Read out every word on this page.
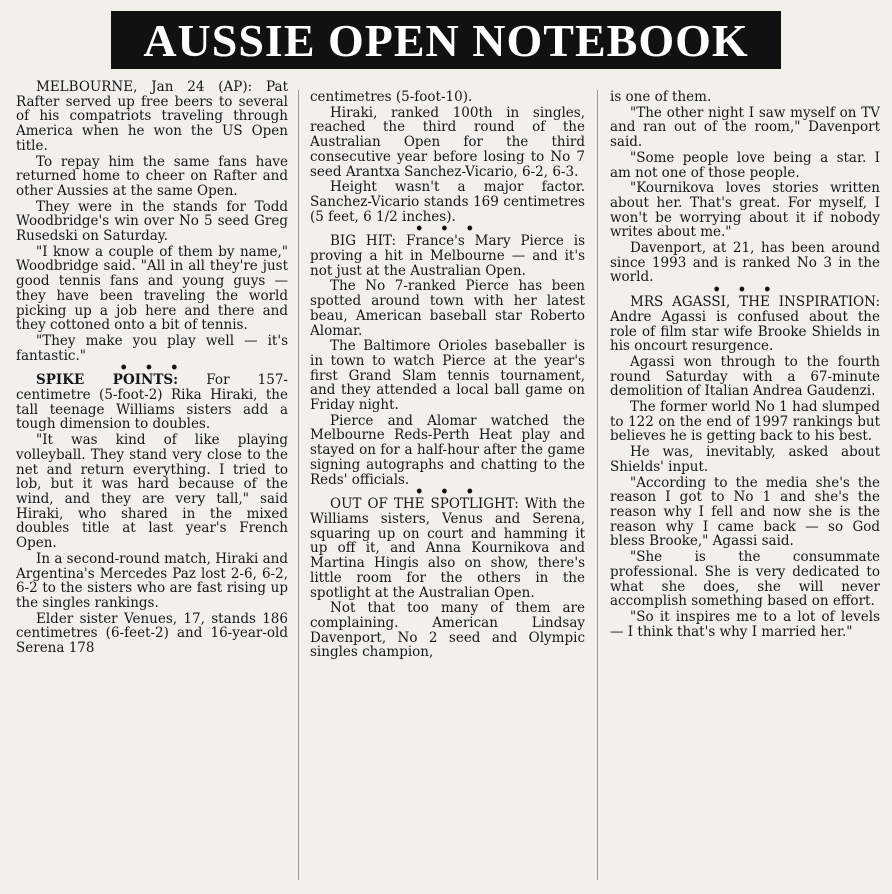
AUSSIE OPEN NOTEBOOK

MELBOURNE, Jan 24 (AP): Pat Rafter served up free beers to several of his compatriots traveling through America when he won the US Open title.

To repay him the same fans have returned home to cheer on Rafter and other Aussies at the same Open.

They were in the stands for Todd Woodbridge's win over No 5 seed Greg Rusedski on Saturday.

"I know a couple of them by name," Woodbridge said. "All in all they're just good tennis fans and young guys — they have been traveling the world picking up a job here and there and they cottoned onto a bit of tennis.

"They make you play well — it's fantastic."

• • •

SPIKE POINTS: For 157-centimetre (5-foot-2) Rika Hiraki, the tall teenage Williams sisters add a tough dimension to doubles.

"It was kind of like playing volleyball. They stand very close to the net and return everything. I tried to lob, but it was hard because of the wind, and they are very tall," said Hiraki, who shared in the mixed doubles title at last year's French Open.

In a second-round match, Hiraki and Argentina's Mercedes Paz lost 2-6, 6-2, 6-2 to the sisters who are fast rising up the singles rankings.

Elder sister Venues, 17, stands 186 centimetres (6-feet-2) and 16-year-old Serena 178

centimetres (5-foot-10).

Hiraki, ranked 100th in singles, reached the third round of the Australian Open for the third consecutive year before losing to No 7 seed Arantxa Sanchez-Vicario, 6-2, 6-3.

Height wasn't a major factor. Sanchez-Vicario stands 169 centimetres (5 feet, 6 1/2 inches).

• • •

BIG HIT: France's Mary Pierce is proving a hit in Melbourne — and it's not just at the Australian Open.

The No 7-ranked Pierce has been spotted around town with her latest beau, American baseball star Roberto Alomar.

The Baltimore Orioles baseballer is in town to watch Pierce at the year's first Grand Slam tennis tournament, and they attended a local ball game on Friday night.

Pierce and Alomar watched the Melbourne Reds-Perth Heat play and stayed on for a half-hour after the game signing autographs and chatting to the Reds' officials.

• • •

OUT OF THE SPOTLIGHT: With the Williams sisters, Venus and Serena, squaring up on court and hamming it up off it, and Anna Kournikova and Martina Hingis also on show, there's little room for the others in the spotlight at the Australian Open.

Not that too many of them are complaining. American Lindsay Davenport, No 2 seed and Olympic singles champion,

is one of them.

"The other night I saw myself on TV and ran out of the room," Davenport said.

"Some people love being a star. I am not one of those people.

"Kournikova loves stories written about her. That's great. For myself, I won't be worrying about it if nobody writes about me."

Davenport, at 21, has been around since 1993 and is ranked No 3 in the world.

• • •

MRS AGASSI, THE INSPIRATION: Andre Agassi is confused about the role of film star wife Brooke Shields in his oncourt resurgence.

Agassi won through to the fourth round Saturday with a 67-minute demolition of Italian Andrea Gaudenzi.

The former world No 1 had slumped to 122 on the end of 1997 rankings but believes he is getting back to his best.

He was, inevitably, asked about Shields' input.

"According to the media she's the reason I got to No 1 and she's the reason why I fell and now she is the reason why I came back — so God bless Brooke," Agassi said.

"She is the consummate professional. She is very dedicated to what she does, she will never accomplish something based on effort.

"So it inspires me to a lot of levels — I think that's why I married her."
